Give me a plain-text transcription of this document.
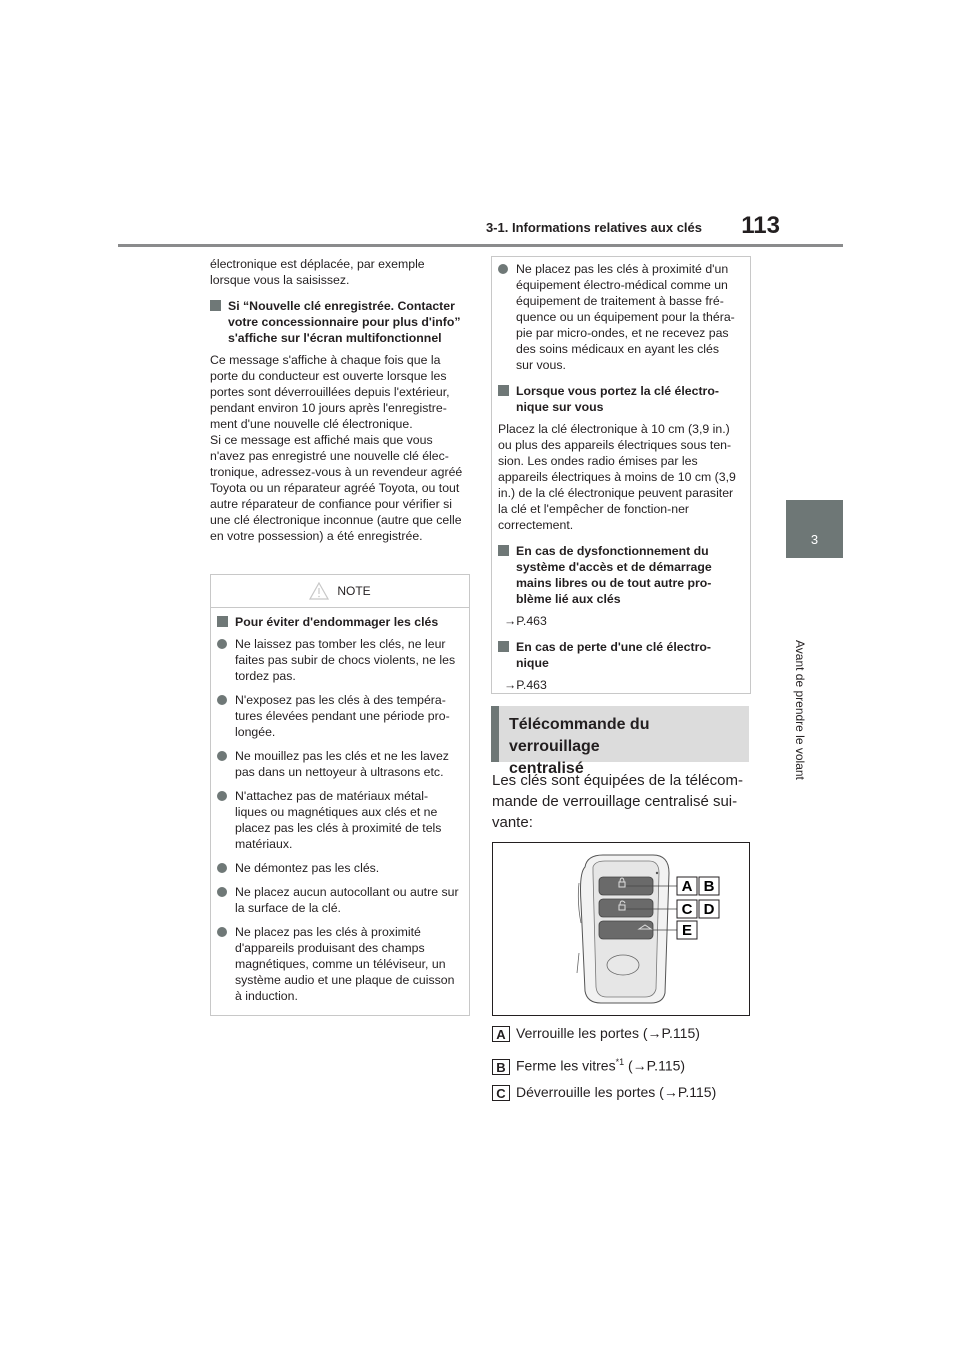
3-1. Informations relatives aux clés	113
3
Avant de prendre le volant

électronique est déplacée, par exemple lorsque vous la saisissez.

Si “Nouvelle clé enregistrée. Contacter votre concessionnaire pour plus d'info” s'affiche sur l'écran multifonctionnel

Ce message s'affiche à chaque fois que la porte du conducteur est ouverte lorsque les portes sont déverrouillées depuis l'extérieur, pendant environ 10 jours après l'enregistre-ment d'une nouvelle clé électronique.

Si ce message est affiché mais que vous n'avez pas enregistré une nouvelle clé élec-tronique, adressez-vous à un revendeur agréé Toyota ou un réparateur agréé Toyota, ou tout autre réparateur de confiance pour vérifier si une clé électronique inconnue (autre que celle en votre possession) a été enregistrée.

NOTE
Pour éviter d'endommager les clés
Ne laissez pas tomber les clés, ne leur faites pas subir de chocs violents, ne les tordez pas.
N'exposez pas les clés à des tempéra-tures élevées pendant une période pro-longée.
Ne mouillez pas les clés et ne les lavez pas dans un nettoyeur à ultrasons etc.
N'attachez pas de matériaux métal-liques ou magnétiques aux clés et ne placez pas les clés à proximité de tels matériaux.
Ne démontez pas les clés.
Ne placez aucun autocollant ou autre sur la surface de la clé.
Ne placez pas les clés à proximité d'appareils produisant des champs magnétiques, comme un téléviseur, un système audio et une plaque de cuisson à induction.
Ne placez pas les clés à proximité d'un équipement électro-médical comme un équipement de traitement à basse fré-quence ou un équipement pour la théra-pie par micro-ondes, et ne recevez pas des soins médicaux en ayant les clés sur vous.
Lorsque vous portez la clé électro-nique sur vous

Placez la clé électronique à 10 cm (3,9 in.) ou plus des appareils électriques sous ten-sion. Les ondes radio émises par les appareils électriques à moins de 10 cm (3,9 in.) de la clé électronique peuvent parasiter la clé et l'empêcher de fonction-ner correctement.

En cas de dysfonctionnement du système d'accès et de démarrage mains libres ou de tout autre pro-blème lié aux clés

→P.463

En cas de perte d'une clé électro-nique

→P.463

Télécommande du verrouillage
centralisé
Les clés sont équipées de la télécom-mande de verrouillage centralisé sui-vante:
A B
C D
E
A Verrouille les portes (→P.115)
B Ferme les vitres$^{*1}$ (→P.115)
C Déverrouille les portes (→P.115)
